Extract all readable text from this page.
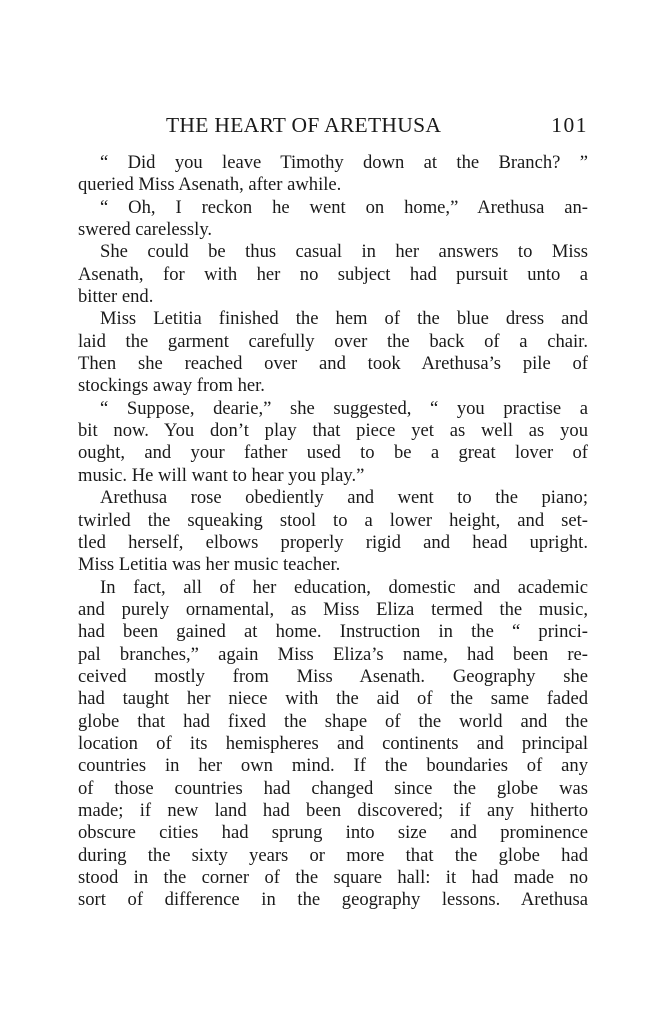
THE HEART OF ARETHUSA	101
“ Did you leave Timothy down at the Branch? ”
queried Miss Asenath, after awhile.
“ Oh, I reckon he went on home,” Arethusa an-
swered carelessly.
She could be thus casual in her answers to Miss
Asenath, for with her no subject had pursuit unto a
bitter end.
Miss Letitia finished the hem of the blue dress and
laid the garment carefully over the back of a chair.
Then she reached over and took Arethusa’s pile of
stockings away from her.
“ Suppose, dearie,” she suggested, “ you practise a
bit now. You don’t play that piece yet as well as you
ought, and your father used to be a great lover of
music. He will want to hear you play.”
Arethusa rose obediently and went to the piano;
twirled the squeaking stool to a lower height, and set-
tled herself, elbows properly rigid and head upright.
Miss Letitia was her music teacher.
In fact, all of her education, domestic and academic
and purely ornamental, as Miss Eliza termed the music,
had been gained at home. Instruction in the “ princi-
pal branches,” again Miss Eliza’s name, had been re-
ceived mostly from Miss Asenath. Geography she
had taught her niece with the aid of the same faded
globe that had fixed the shape of the world and the
location of its hemispheres and continents and principal
countries in her own mind. If the boundaries of any
of those countries had changed since the globe was
made; if new land had been discovered; if any hitherto
obscure cities had sprung into size and prominence
during the sixty years or more that the globe had
stood in the corner of the square hall: it had made no
sort of difference in the geography lessons. Arethusa
